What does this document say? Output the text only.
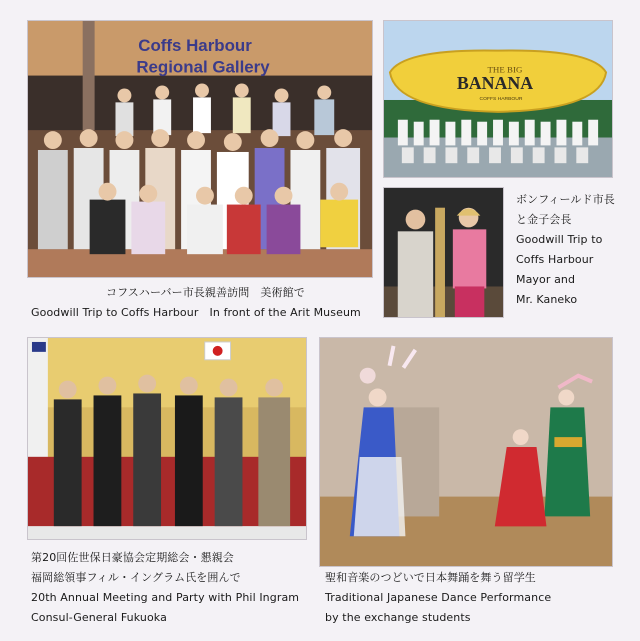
Coffs Harbour
Regional Gallery	THE BIG
BANANA
COFFS HARBOUR
コフスハーバー市長親善訪問　美術館で
Goodwill Trip to Coffs Harbour　In front of the Arit Museum
ボンフィールド市長
と金子会長
Goodwill Trip to
Coffs Harbour
Mayor and
Mr. Kaneko
第20回佐世保日豪協会定期総会・懇親会
福岡総領事フィル・イングラム氏を囲んで
20th Annual Meeting and Party with Phil Ingram
Consul-General Fukuoka
聖和音楽のつどいで日本舞踊を舞う留学生
Traditional Japanese Dance Performance
by the exchange students
